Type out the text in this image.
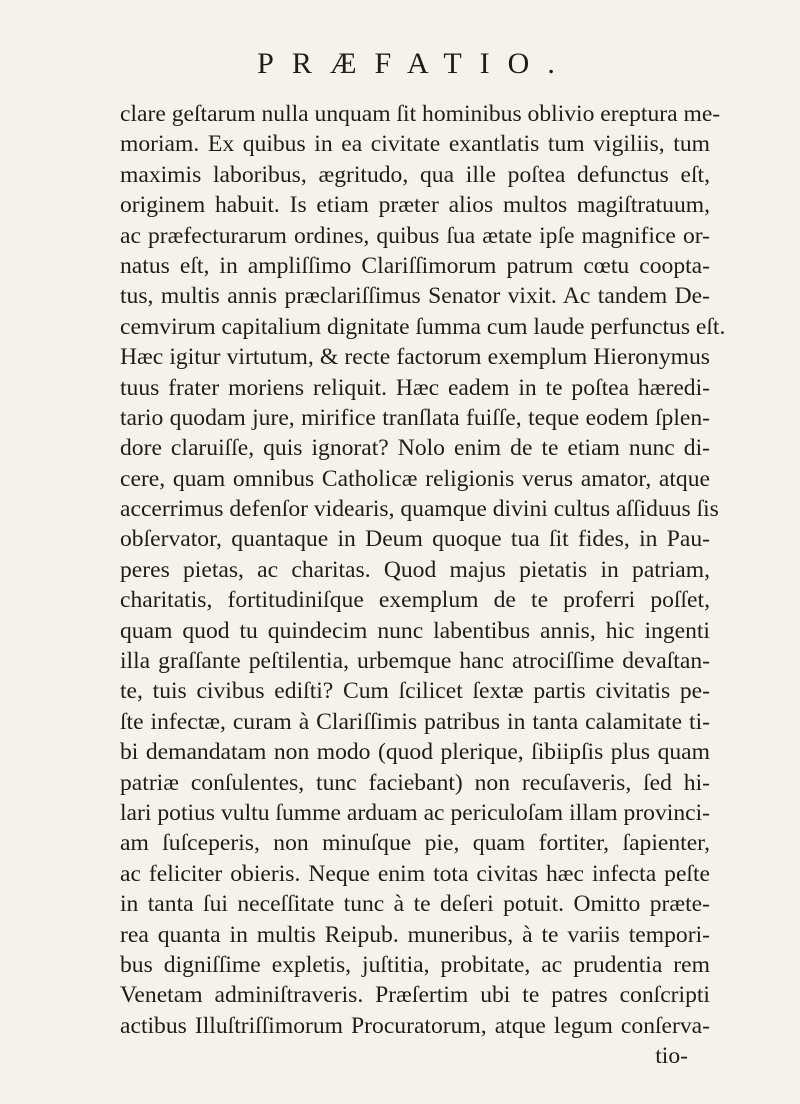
PRÆFATIO.
clare geſtarum nulla unquam ſit hominibus oblivio ereptura me-
moriam. Ex quibus in ea civitate exantlatis tum vigiliis, tum
maximis laboribus, ægritudo, qua ille poſtea defunctus eſt,
originem habuit. Is etiam præter alios multos magiſtratuum,
ac præfecturarum ordines, quibus ſua ætate ipſe magnifice or-
natus eſt, in ampliſſimo Clariſſimorum patrum cœtu coopta-
tus, multis annis præclariſſimus Senator vixit. Ac tandem De-
cemvirum capitalium dignitate ſumma cum laude perfunctus eſt.
Hæc igitur virtutum, & recte factorum exemplum Hieronymus
tuus frater moriens reliquit. Hæc eadem in te poſtea hæredi-
tario quodam jure, mirifice tranſlata fuiſſe, teque eodem ſplen-
dore claruiſſe, quis ignorat? Nolo enim de te etiam nunc di-
cere, quam omnibus Catholicæ religionis verus amator, atque
accerrimus defenſor videaris, quamque divini cultus aſſiduus ſis
obſervator, quantaque in Deum quoque tua ſit fides, in Pau-
peres pietas, ac charitas. Quod majus pietatis in patriam,
charitatis, fortitudiniſque exemplum de te proferri poſſet,
quam quod tu quindecim nunc labentibus annis, hic ingenti
illa graſſante peſtilentia, urbemque hanc atrociſſime devaſtan-
te, tuis civibus ediſti? Cum ſcilicet ſextæ partis civitatis pe-
ſte infectæ, curam à Clariſſimis patribus in tanta calamitate ti-
bi demandatam non modo (quod plerique, ſibiipſis plus quam
patriæ conſulentes, tunc faciebant) non recuſaveris, ſed hi-
lari potius vultu ſumme arduam ac periculoſam illam provinci-
am ſuſceperis, non minuſque pie, quam fortiter, ſapienter,
ac feliciter obieris. Neque enim tota civitas hæc infecta peſte
in tanta ſui neceſſitate tunc à te deſeri potuit. Omitto præte-
rea quanta in multis Reipub. muneribus, à te variis tempori-
bus digniſſime expletis, juſtitia, probitate, ac prudentia rem
Venetam adminiſtraveris. Præſertim ubi te patres conſcripti
actibus Illuſtriſſimorum Procuratorum, atque legum conſerva-
tio-
